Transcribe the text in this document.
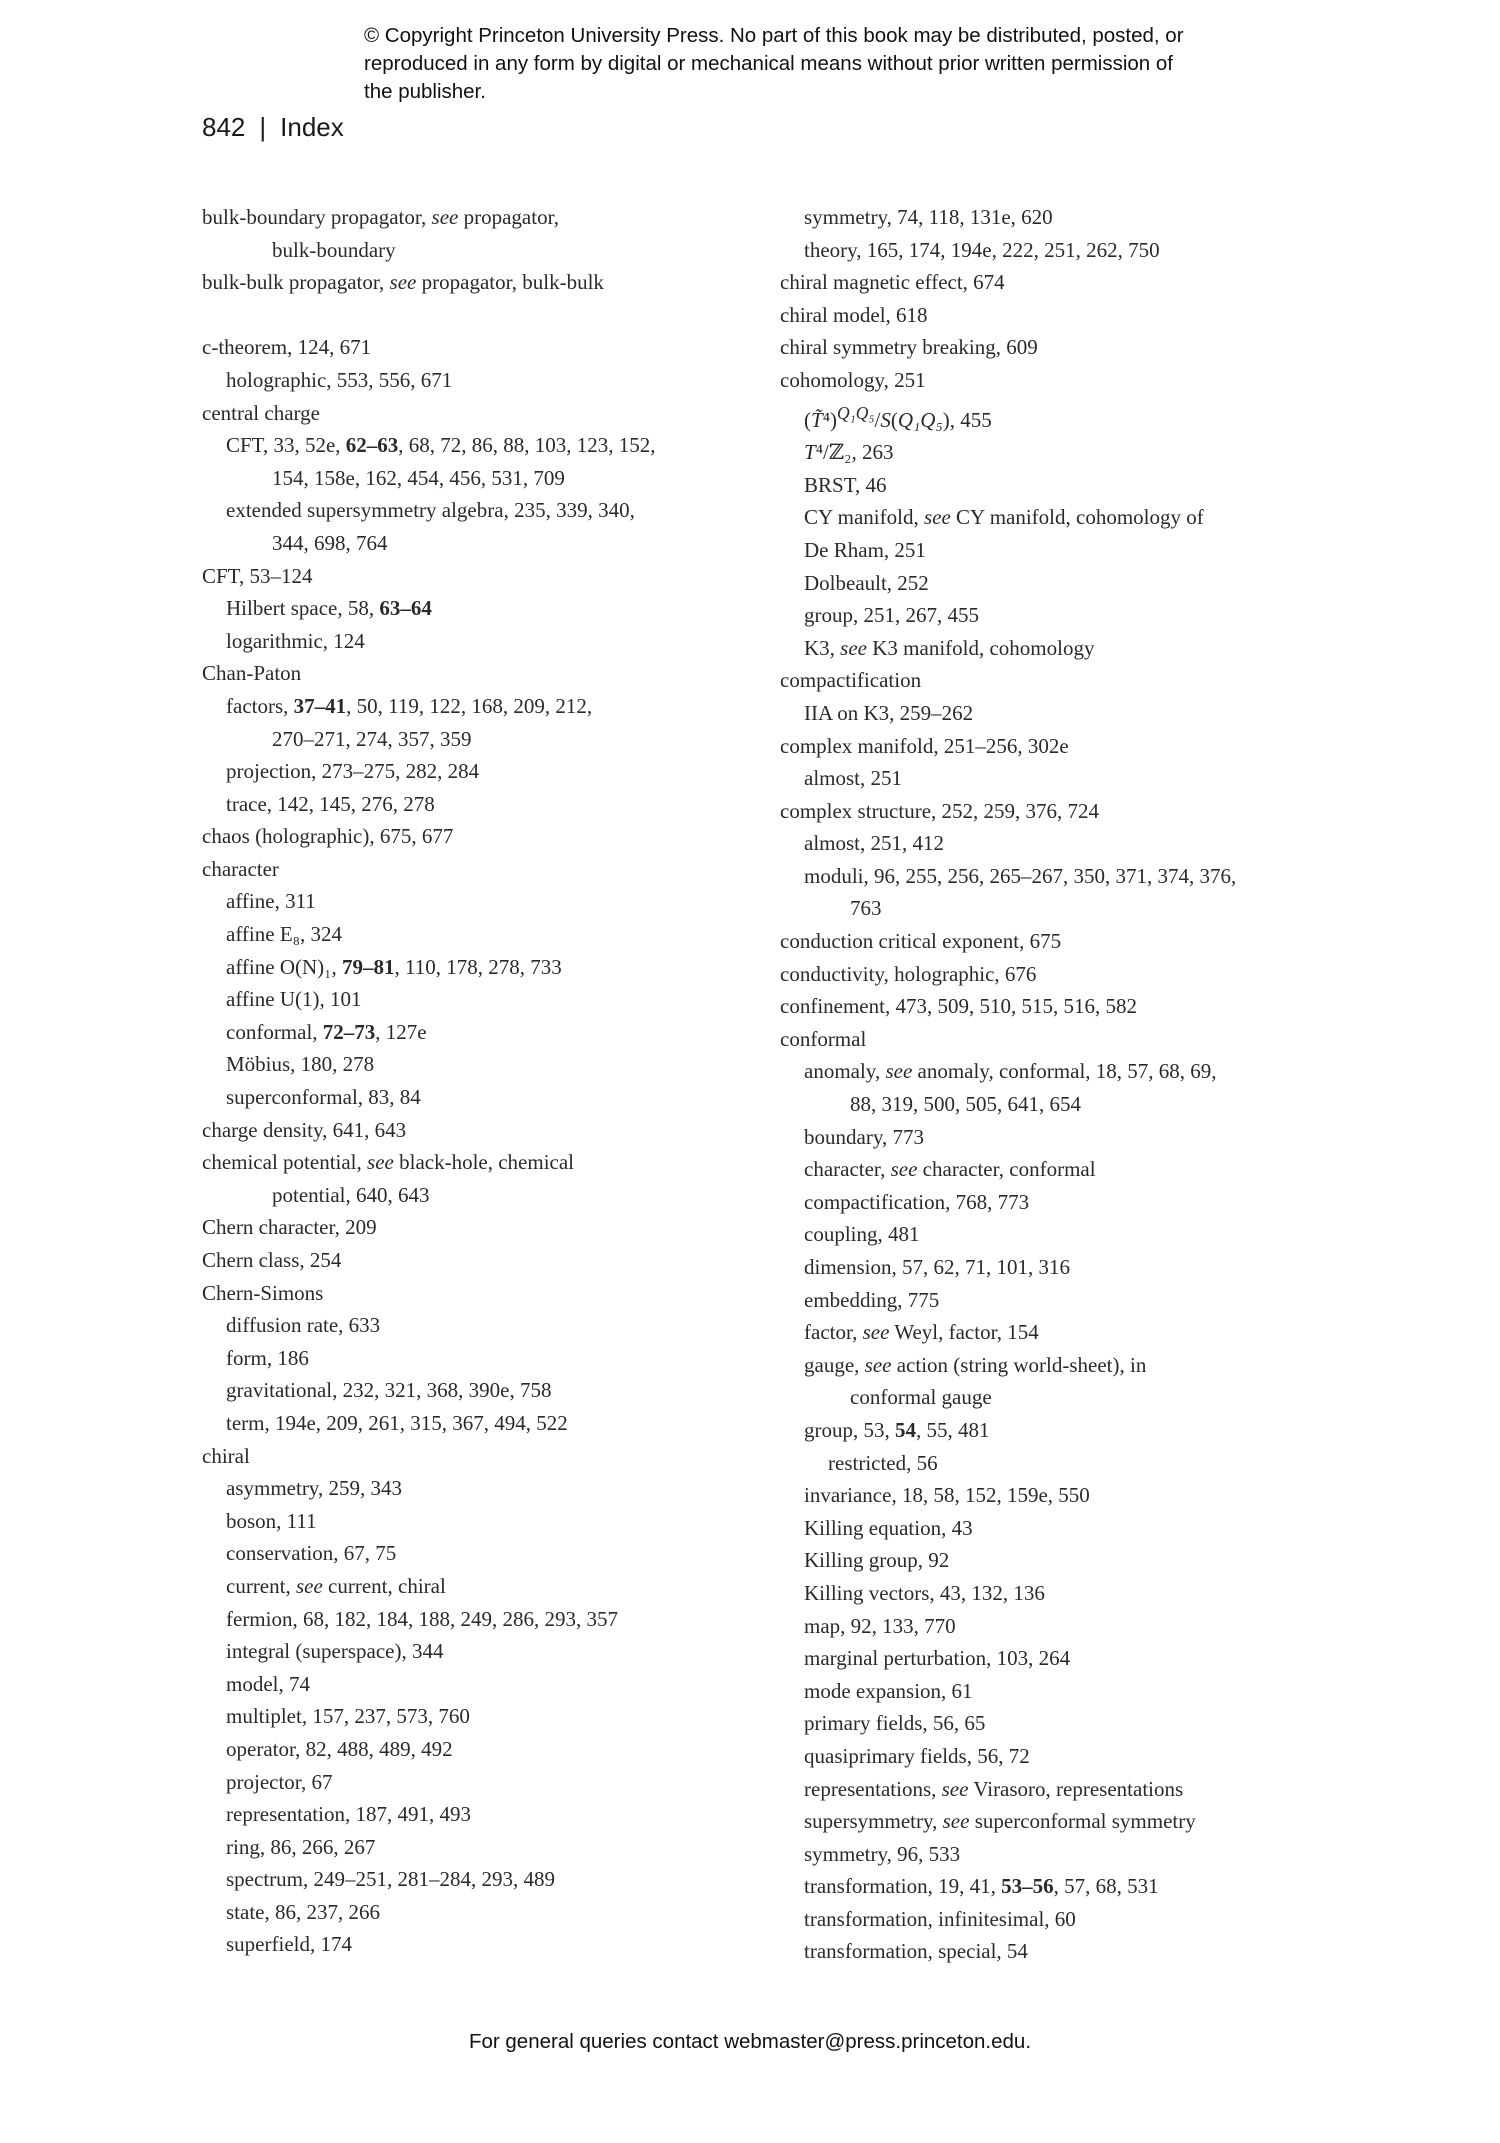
© Copyright Princeton University Press. No part of this book may be distributed, posted, or reproduced in any form by digital or mechanical means without prior written permission of the publisher.
842 | Index
bulk-boundary propagator, see propagator,
bulk-boundary
bulk-bulk propagator, see propagator, bulk-bulk
c-theorem, 124, 671
holographic, 553, 556, 671
central charge
CFT, 33, 52e, 62–63, 68, 72, 86, 88, 103, 123, 152,
154, 158e, 162, 454, 456, 531, 709
extended supersymmetry algebra, 235, 339, 340,
344, 698, 764
CFT, 53–124
Hilbert space, 58, 63–64
logarithmic, 124
Chan-Paton
factors, 37–41, 50, 119, 122, 168, 209, 212,
270–271, 274, 357, 359
projection, 273–275, 282, 284
trace, 142, 145, 276, 278
chaos (holographic), 675, 677
character
affine, 311
affine E₈, 324
affine O(N)₁, 79–81, 110, 178, 278, 733
affine U(1), 101
conformal, 72–73, 127e
Möbius, 180, 278
superconformal, 83, 84
charge density, 641, 643
chemical potential, see black-hole, chemical
potential, 640, 643
Chern character, 209
Chern class, 254
Chern-Simons
diffusion rate, 633
form, 186
gravitational, 232, 321, 368, 390e, 758
term, 194e, 209, 261, 315, 367, 494, 522
chiral
asymmetry, 259, 343
boson, 111
conservation, 67, 75
current, see current, chiral
fermion, 68, 182, 184, 188, 249, 286, 293, 357
integral (superspace), 344
model, 74
multiplet, 157, 237, 573, 760
operator, 82, 488, 489, 492
projector, 67
representation, 187, 491, 493
ring, 86, 266, 267
spectrum, 249–251, 281–284, 293, 489
state, 86, 237, 266
superfield, 174
symmetry, 74, 118, 131e, 620
theory, 165, 174, 194e, 222, 251, 262, 750
chiral magnetic effect, 674
chiral model, 618
chiral symmetry breaking, 609
cohomology, 251
(T̃⁴)$^{Q_1Q_5}$/S(Q₁Q₅), 455
T⁴/ℤ₂, 263
BRST, 46
CY manifold, see CY manifold, cohomology of
De Rham, 251
Dolbeault, 252
group, 251, 267, 455
K3, see K3 manifold, cohomology
compactification
IIA on K3, 259–262
complex manifold, 251–256, 302e
almost, 251
complex structure, 252, 259, 376, 724
almost, 251, 412
moduli, 96, 255, 256, 265–267, 350, 371, 374, 376,
763
conduction critical exponent, 675
conductivity, holographic, 676
confinement, 473, 509, 510, 515, 516, 582
conformal
anomaly, see anomaly, conformal, 18, 57, 68, 69,
88, 319, 500, 505, 641, 654
boundary, 773
character, see character, conformal
compactification, 768, 773
coupling, 481
dimension, 57, 62, 71, 101, 316
embedding, 775
factor, see Weyl, factor, 154
gauge, see action (string world-sheet), in
conformal gauge
group, 53, 54, 55, 481
restricted, 56
invariance, 18, 58, 152, 159e, 550
Killing equation, 43
Killing group, 92
Killing vectors, 43, 132, 136
map, 92, 133, 770
marginal perturbation, 103, 264
mode expansion, 61
primary fields, 56, 65
quasiprimary fields, 56, 72
representations, see Virasoro, representations
supersymmetry, see superconformal symmetry
symmetry, 96, 533
transformation, 19, 41, 53–56, 57, 68, 531
transformation, infinitesimal, 60
transformation, special, 54
For general queries contact webmaster@press.princeton.edu.
